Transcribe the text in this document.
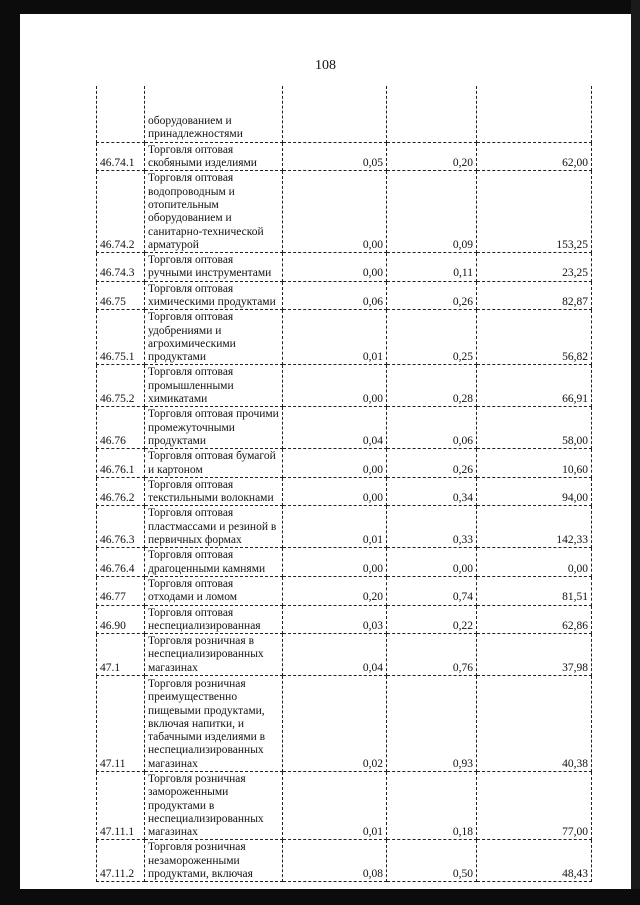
108
	оборудованием и принадлежностями			
46.74.1	Торговля оптовая скобяными изделиями	0,05	0,20	62,00
46.74.2	Торговля оптовая водопроводным и отопительным оборудованием и санитарно-технической арматурой	0,00	0,09	153,25
46.74.3	Торговля оптовая ручными инструментами	0,00	0,11	23,25
46.75	Торговля оптовая химическими продуктами	0,06	0,26	82,87
46.75.1	Торговля оптовая удобрениями и агрохимическими продуктами	0,01	0,25	56,82
46.75.2	Торговля оптовая промышленными химикатами	0,00	0,28	66,91
46.76	Торговля оптовая прочими промежуточными продуктами	0,04	0,06	58,00
46.76.1	Торговля оптовая бумагой и картоном	0,00	0,26	10,60
46.76.2	Торговля оптовая текстильными волокнами	0,00	0,34	94,00
46.76.3	Торговля оптовая пластмассами и резиной в первичных формах	0,01	0,33	142,33
46.76.4	Торговля оптовая драгоценными камнями	0,00	0,00	0,00
46.77	Торговля оптовая отходами и ломом	0,20	0,74	81,51
46.90	Торговля оптовая неспециализированная	0,03	0,22	62,86
47.1	Торговля розничная в неспециализированных магазинах	0,04	0,76	37,98
47.11	Торговля розничная преимущественно пищевыми продуктами, включая напитки, и табачными изделиями в неспециализированных магазинах	0,02	0,93	40,38
47.11.1	Торговля розничная замороженными продуктами в неспециализированных магазинах	0,01	0,18	77,00
47.11.2	Торговля розничная незамороженными продуктами, включая	0,08	0,50	48,43
